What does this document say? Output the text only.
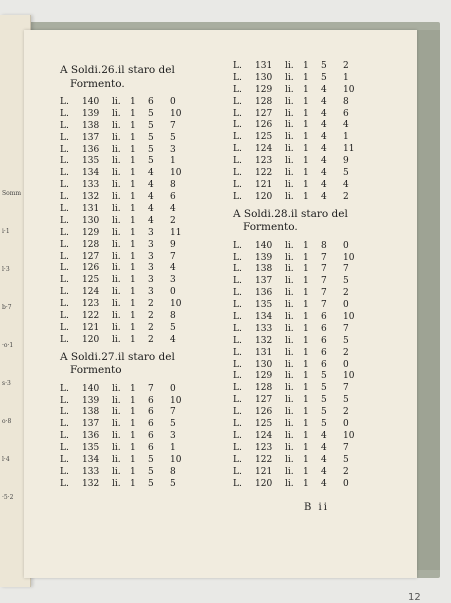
Somm
i·1
l·3
b·7
·o·1
s·3
o·8
l·4
·5·2
A Soldi.26.il staro del
Formento.
L. 140 li. 1 6 0
L. 139 li. 1 5 10
L. 138 li. 1 5 7
L. 137 li. 1 5 5
L. 136 li. 1 5 3
L. 135 li. 1 5 1
L. 134 li. 1 4 10
L. 133 li. 1 4 8
L. 132 li. 1 4 6
L. 131 li. 1 4 4
L. 130 li. 1 4 2
L. 129 li. 1 3 11
L. 128 li. 1 3 9
L. 127 li. 1 3 7
L. 126 li. 1 3 4
L. 125 li. 1 3 3
L. 124 li. 1 3 0
L. 123 li. 1 2 10
L. 122 li. 1 2 8
L. 121 li. 1 2 5
L. 120 li. 1 2 4
A Soldi.27.il staro del
Formento
L. 140 li. 1 7 0
L. 139 li. 1 6 10
L. 138 li. 1 6 7
L. 137 li. 1 6 5
L. 136 li. 1 6 3
L. 135 li. 1 6 1
L. 134 li. 1 5 10
L. 133 li. 1 5 8
L. 132 li. 1 5 5
L. 131 li. 1 5 2
L. 130 li. 1 5 1
L. 129 li. 1 4 10
L. 128 li. 1 4 8
L. 127 li. 1 4 6
L. 126 li. 1 4 4
L. 125 li. 1 4 1
L. 124 li. 1 4 11
L. 123 li. 1 4 9
L. 122 li. 1 4 5
L. 121 li. 1 4 4
L. 120 li. 1 4 2
A Soldi.28.il staro del
Formento.
L. 140 li. 1 8 0
L. 139 li. 1 7 10
L. 138 li. 1 7 7
L. 137 li. 1 7 5
L. 136 li. 1 7 2
L. 135 li. 1 7 0
L. 134 li. 1 6 10
L. 133 li. 1 6 7
L. 132 li. 1 6 5
L. 131 li. 1 6 2
L. 130 li. 1 6 0
L. 129 li. 1 5 10
L. 128 li. 1 5 7
L. 127 li. 1 5 5
L. 126 li. 1 5 2
L. 125 li. 1 5 0
L. 124 li. 1 4 10
L. 123 li. 1 4 7
L. 122 li. 1 4 5
L. 121 li. 1 4 2
L. 120 li. 1 4 0
B ii
12
